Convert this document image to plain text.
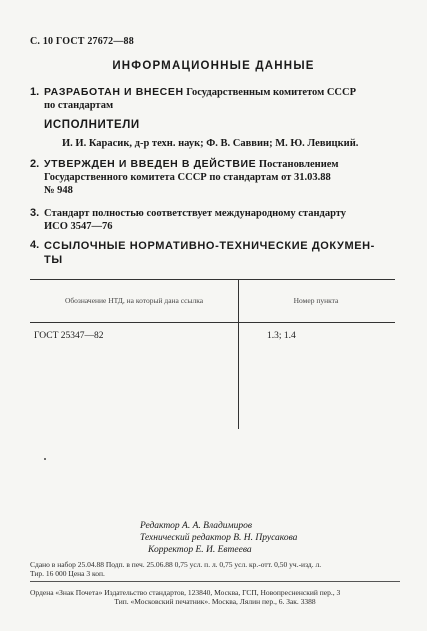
С. 10 ГОСТ 27672—88
ИНФОРМАЦИОННЫЕ ДАННЫЕ
1. РАЗРАБОТАН И ВНЕСЕН Государственным комитетом СССР
по стандартам
ИСПОЛНИТЕЛИ
И. И. Карасик, д-р техн. наук; Ф. В. Саввин; М. Ю. Левицкий.
2. УТВЕРЖДЕН И ВВЕДЕН В ДЕЙСТВИЕ Постановлением
Государственного комитета СССР по стандартам от 31.03.88
№ 948
3. Стандарт полностью соответствует международному стандарту
ИСО 3547—76
4. ССЫЛОЧНЫЕ НОРМАТИВНО-ТЕХНИЧЕСКИЕ ДОКУМЕН-
ТЫ
Обозначение НТД, на который дана ссылка	Номер пункта
ГОСТ 25347—82	1.3; 1.4
Редактор А. А. Владимиров
Технический редактор В. Н. Прусакова
Корректор Е. И. Евтеева
Сдано в набор 25.04.88 Подп. в печ. 25.06.88 0,75 усл. п. л. 0,75 усл. кр.-отт. 0,50 уч.-изд. л.
Тир. 16 000 Цена 3 коп.
Ордена «Знак Почета» Издательство стандартов, 123840, Москва, ГСП, Новопресненский пер., 3
Тип. «Московский печатник». Москва, Лялин пер., 6. Зак. 3388
